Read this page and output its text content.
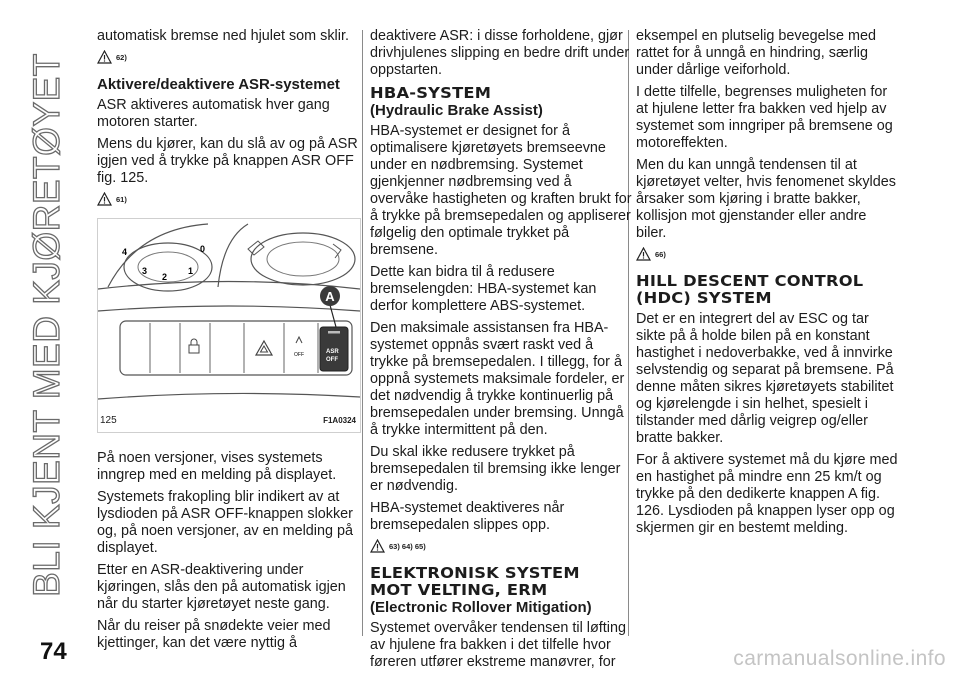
BLI KJENT MED KJØRETØYET

automatisk bremse ned hjulet som sklir.

62)
Aktivere/deaktivere ASR-systemet

ASR aktiveres automatisk hver gang motoren starter.

Mens du kjører, kan du slå av og på ASR igjen ved å trykke på knappen ASR OFF fig. 125.

61)
4
3
2
1
0
OFF	ASR
OFF
A
125	F1A0324

På noen versjoner, vises systemets inngrep med en melding på displayet.

Systemets frakopling blir indikert av at lysdioden på ASR OFF-knappen slokker og, på noen versjoner, av en melding på displayet.

Etter en ASR-deaktivering under kjøringen, slås den på automatisk igjen når du starter kjøretøyet neste gang.

Når du reiser på snødekte veier med kjettinger, kan det være nyttig å

deaktivere ASR: i disse forholdene, gjør drivhjulenes slipping en bedre drift under oppstarten.

HBA-SYSTEM
(Hydraulic Brake Assist)

HBA-systemet er designet for å optimalisere kjøretøyets bremseevne under en nødbremsing. Systemet gjenkjenner nødbremsing ved å overvåke hastigheten og kraften brukt for å trykke på bremsepedalen og appliserer følgelig den optimale trykket på bremsene.

Dette kan bidra til å redusere bremselengden: HBA-systemet kan derfor komplettere ABS-systemet.

Den maksimale assistansen fra HBA-systemet oppnås svært raskt ved å trykke på bremsepedalen. I tillegg, for å oppnå systemets maksimale fordeler, er det nødvendig å trykke kontinuerlig på bremsepedalen under bremsing. Unngå å trykke intermittent på den.

Du skal ikke redusere trykket på bremsepedalen til bremsing ikke lenger er nødvendig.

HBA-systemet deaktiveres når bremsepedalen slippes opp.

63) 64) 65)
ELEKTRONISK SYSTEM
MOT VELTING, ERM
(Electronic Rollover Mitigation)

Systemet overvåker tendensen til løfting av hjulene fra bakken i det tilfelle hvor føreren utfører ekstreme manøvrer, for

eksempel en plutselig bevegelse med rattet for å unngå en hindring, særlig under dårlige veiforhold.

I dette tilfelle, begrenses muligheten for at hjulene letter fra bakken ved hjelp av systemet som inngriper på bremsene og motoreffekten.

Men du kan unngå tendensen til at kjøretøyet velter, hvis fenomenet skyldes årsaker som kjøring i bratte bakker, kollisjon mot gjenstander eller andre biler.

66)
HILL DESCENT CONTROL
(HDC) SYSTEM

Det er en integrert del av ESC og tar sikte på å holde bilen på en konstant hastighet i nedoverbakke, ved å innvirke selvstendig og separat på bremsene. På denne måten sikres kjøretøyets stabilitet og kjørelengde i sin helhet, spesielt i tilstander med dårlig veigrep og/eller bratte bakker.

For å aktivere systemet må du kjøre med en hastighet på mindre enn 25 km/t og trykke på den dedikerte knappen A fig. 126. Lysdioden på knappen lyser opp og skjermen gir en bestemt melding.

74	carmanualsonline.info
